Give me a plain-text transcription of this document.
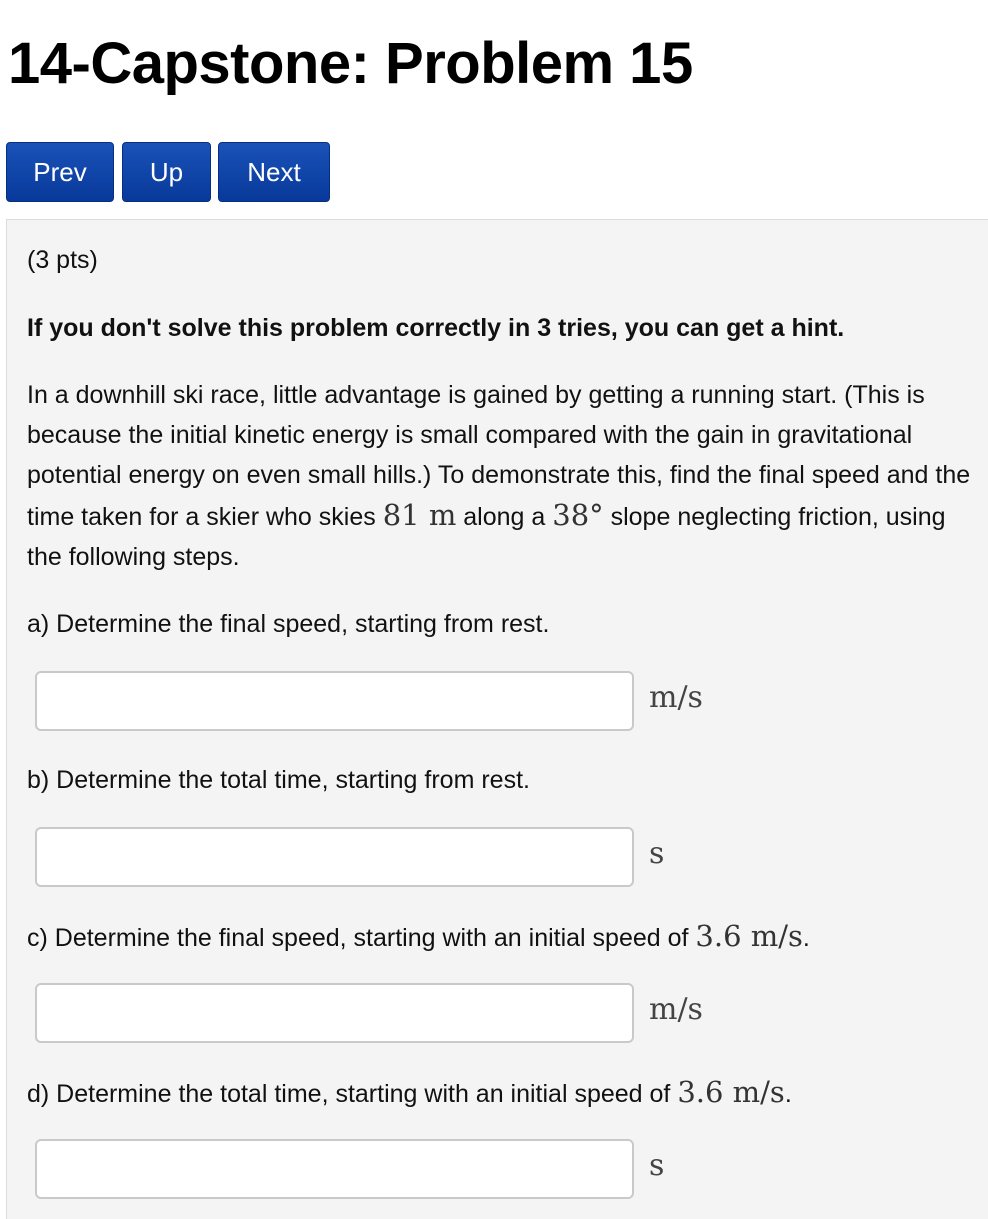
14-Capstone: Problem 15
Prev	Up	Next
(3 pts)
If you don't solve this problem correctly in 3 tries, you can get a hint.
In a downhill ski race, little advantage is gained by getting a running start. (This is because the initial kinetic energy is small compared with the gain in gravitational potential energy on even small hills.) To demonstrate this, find the final speed and the time taken for a skier who skies 81 m along a 38° slope neglecting friction, using the following steps.
a) Determine the final speed, starting from rest.
m/s
b) Determine the total time, starting from rest.
s
c) Determine the final speed, starting with an initial speed of 3.6 m/s.
m/s
d) Determine the total time, starting with an initial speed of 3.6 m/s.
s
